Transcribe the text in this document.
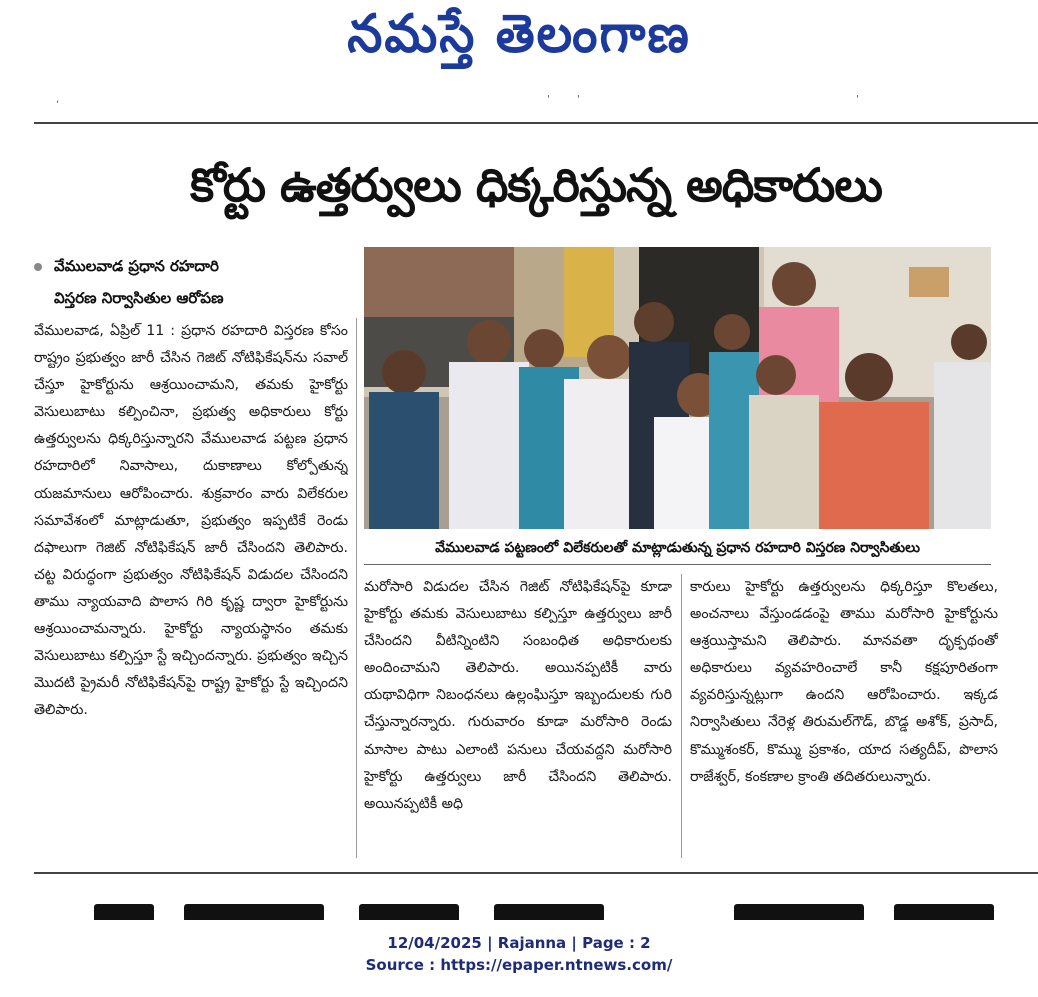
నమస్తే తెలంగాణ
,	'	'	'
కోర్టు ఉత్తర్వులు ధిక్కరిస్తున్న అధికారులు
వేములవాడ ప్రధాన రహదారి
విస్తరణ నిర్వాసితుల ఆరోపణ
వేములవాడ పట్టణంలో విలేకరులతో మాట్లాడుతున్న ప్రధాన రహదారి విస్తరణ నిర్వాసితులు
వేములవాడ, ఏప్రిల్ 11 : ప్రధాన రహదారి విస్తరణ కోసం రాష్ట్రం ప్రభుత్వం జారీ చేసిన గెజిట్ నోటిఫికేషన్‌ను సవాల్ చేస్తూ హైకోర్టును ఆశ్రయించామని, తమకు హైకోర్టు వెసులుబాటు కల్పించినా, ప్రభుత్వ అధికారులు కోర్టు ఉత్తర్వులను ధిక్కరిస్తున్నారని వేములవాడ పట్టణ ప్రధాన రహదారిలో నివాసాలు, దుకాణాలు కోల్పోతున్న యజమానులు ఆరోపించారు. శుక్రవారం వారు విలేకరుల సమావేశంలో మాట్లాడుతూ, ప్రభుత్వం ఇప్పటికే రెండు దఫాలుగా గెజిట్ నోటిఫికేషన్ జారీ చేసిందని తెలిపారు. చట్ట విరుద్ధంగా ప్రభుత్వం నోటిఫికేషన్ విడుదల చేసిందని తాము న్యాయవాది పొలాస గిరి కృష్ణ ద్వారా హైకోర్టును ఆశ్రయించామన్నారు. హైకోర్టు న్యాయస్థానం తమకు వెసులుబాటు కల్పిస్తూ స్టే ఇచ్చిందన్నారు. ప్రభుత్వం ఇచ్చిన మొదటి ప్రైమరీ నోటిఫికేషన్‌పై రాష్ట్ర హైకోర్టు స్టే ఇచ్చిందని తెలిపారు.
మరోసారి విడుదల చేసిన గెజిట్ నోటిఫికేషన్‌పై కూడా హైకోర్టు తమకు వెసులుబాటు కల్పిస్తూ ఉత్తర్వులు జారీ చేసిందని వీటిన్నింటిని సంబంధిత అధికారులకు అందించామని తెలిపారు. అయినప్పటికీ వారు యథావిధిగా నిబంధనలు ఉల్లంఘిస్తూ ఇబ్బందులకు గురి చేస్తున్నారన్నారు. గురువారం కూడా మరోసారి రెండు మాసాల పాటు ఎలాంటి పనులు చేయవద్దని మరోసారి హైకోర్టు ఉత్తర్వులు జారీ చేసిందని తెలిపారు. అయినప్పటికీ అధి
కారులు హైకోర్టు ఉత్తర్వులను ధిక్కరిస్తూ కొలతలు, అంచనాలు వేస్తుండడంపై తాము మరోసారి హైకోర్టును ఆశ్రయిస్తామని తెలిపారు. మానవతా దృక్పథంతో అధికారులు వ్యవహరించాలే కానీ కక్షపూరితంగా వ్యవరిస్తున్నట్లుగా ఉందని ఆరోపించారు. ఇక్కడ నిర్వాసితులు నేరెళ్ల తిరుమల్‌గౌడ్, బొడ్డ అశోక్, ప్రసాద్, కొమ్ముశంకర్, కొమ్ము ప్రకాశం, యాద సత్యదీప్, పొలాస రాజేశ్వర్, కంకణాల క్రాంతి తదితరులున్నారు.
12/04/2025 | Rajanna | Page : 2
Source : https://epaper.ntnews.com/
